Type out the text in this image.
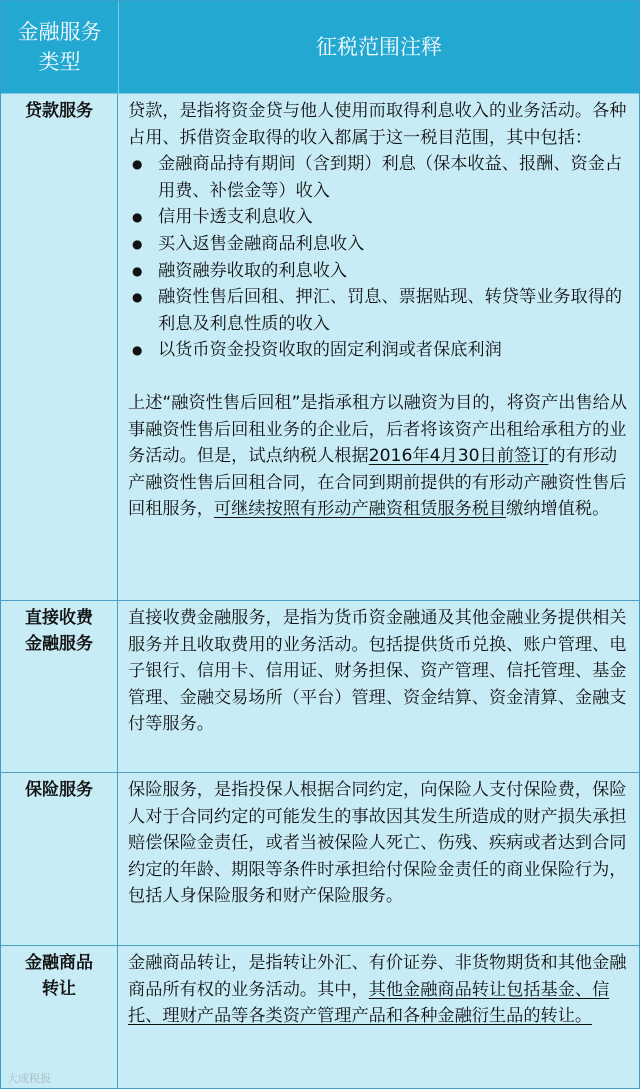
金融服务
类型
征税范围注释
贷款服务	贷款，是指将资金贷与他人使用而取得利息收入的业务活动。各种占用、拆借资金取得的收入都属于这一税目范围，其中包括：
● 金融商品持有期间（含到期）利息（保本收益、报酬、资金占用费、补偿金等）收入
● 信用卡透支利息收入
● 买入返售金融商品利息收入
● 融资融券收取的利息收入
● 融资性售后回租、押汇、罚息、票据贴现、转贷等业务取得的利息及利息性质的收入
● 以货币资金投资收取的固定利润或者保底利润
上述“融资性售后回租”是指承租方以融资为目的，将资产出售给从事融资性售后回租业务的企业后，后者将该资产出租给承租方的业务活动。但是，试点纳税人根据2016年4月30日前签订的有形动产融资性售后回租合同，在合同到期前提供的有形动产融资性售后回租服务，可继续按照有形动产融资租赁服务税目缴纳增值税。
直接收费
金融服务
直接收费金融服务，是指为货币资金融通及其他金融业务提供相关服务并且收取费用的业务活动。包括提供货币兑换、账户管理、电子银行、信用卡、信用证、财务担保、资产管理、信托管理、基金管理、金融交易场所（平台）管理、资金结算、资金清算、金融支付等服务。
保险服务	保险服务，是指投保人根据合同约定，向保险人支付保险费，保险人对于合同约定的可能发生的事故因其发生所造成的财产损失承担赔偿保险金责任，或者当被保险人死亡、伤残、疾病或者达到合同约定的年龄、期限等条件时承担给付保险金责任的商业保险行为，包括人身保险服务和财产保险服务。
金融商品
转让
金融商品转让，是指转让外汇、有价证券、非货物期货和其他金融商品所有权的业务活动。其中，其他金融商品转让包括基金、信托、理财产品等各类资产管理产品和各种金融衍生品的转让。
大成税报
